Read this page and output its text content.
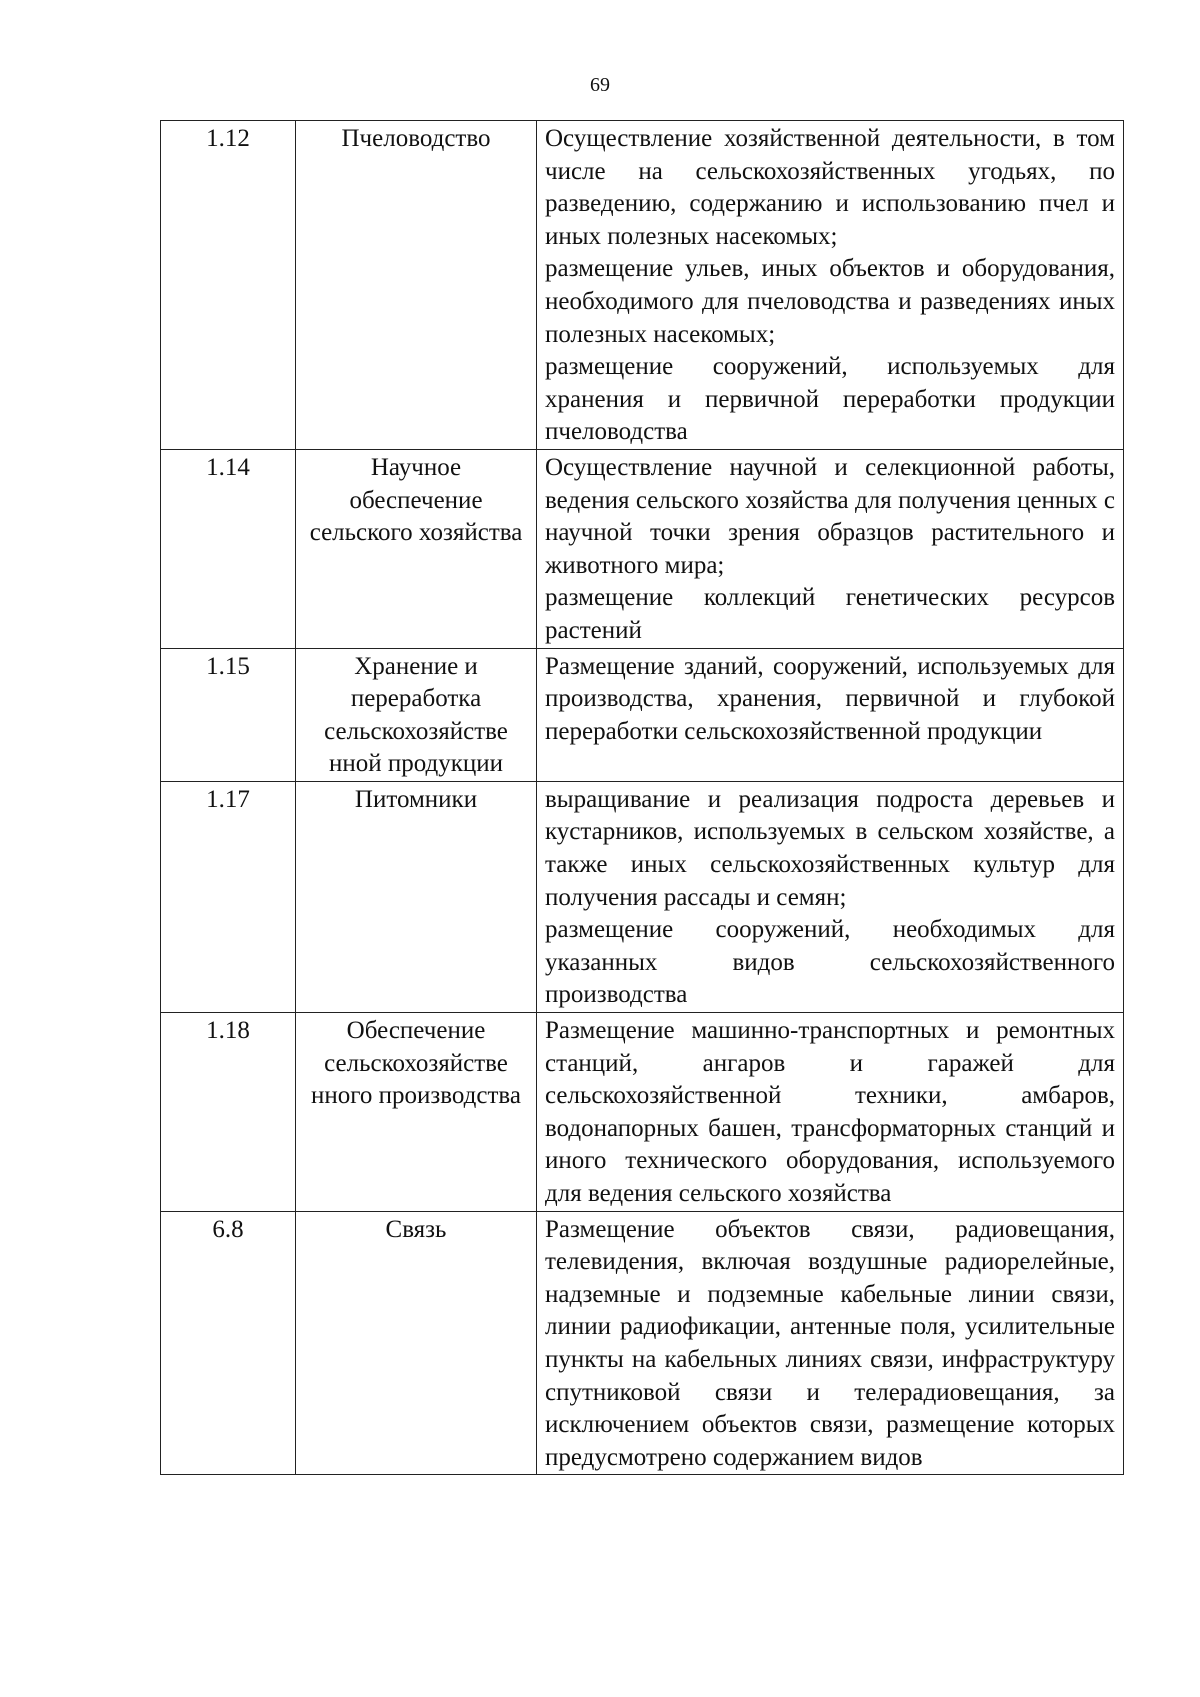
69
1.12	Пчеловодство	Осуществление хозяйственной деятельности, в том числе на сельскохозяйственных угодьях, по разведению, содержанию и использованию пчел и иных полезных насекомых;

размещение ульев, иных объектов и оборудования, необходимого для пчеловодства и разведениях иных полезных насекомых;

размещение сооружений, используемых для хранения и первичной переработки продукции пчеловодства

1.14	Научное обеспечение сельского хозяйства	Осуществление научной и селекционной работы, ведения сельского хозяйства для получения ценных с научной точки зрения образцов растительного и животного мира;

размещение коллекций генетических ресурсов растений

1.15	Хранение и переработка сельскохозяйстве нной продукции	Размещение зданий, сооружений, используемых для производства, хранения, первичной и глубокой переработки сельскохозяйственной продукции

1.17	Питомники	выращивание и реализация подроста деревьев и кустарников, используемых в сельском хозяйстве, а также иных сельскохозяйственных культур для получения рассады и семян;

размещение сооружений, необходимых для указанных видов сельскохозяйственного производства

1.18	Обеспечение сельскохозяйстве нного производства	Размещение машинно-транспортных и ремонтных станций, ангаров и гаражей для сельскохозяйственной техники, амбаров, водонапорных башен, трансформаторных станций и иного технического оборудования, используемого для ведения сельского хозяйства

6.8	Связь	Размещение объектов связи, радиовещания, телевидения, включая воздушные радиорелейные, надземные и подземные кабельные линии связи, линии радиофикации, антенные поля, усилительные пункты на кабельных линиях связи, инфраструктуру спутниковой связи и телерадиовещания, за исключением объектов связи, размещение которых предусмотрено содержанием видов
